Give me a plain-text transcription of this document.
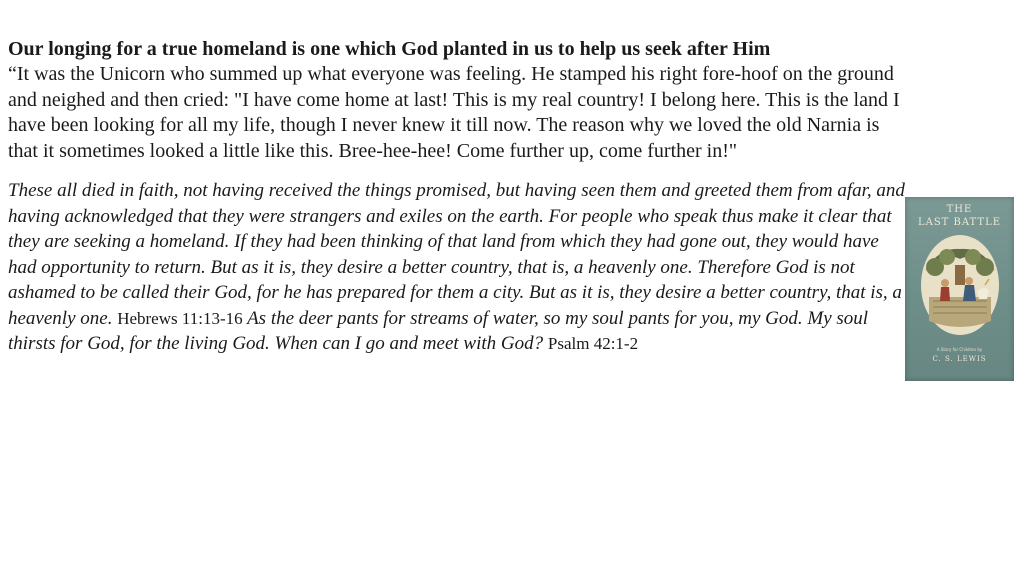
Our longing for a true homeland is one which God planted in us to help us seek after Him

“It was the Unicorn who summed up what everyone was feeling. He stamped his right fore-hoof on the ground and neighed and then cried: "I have come home at last! This is my real country! I belong here. This is the land I have been looking for all my life, though I never knew it till now. The reason why we loved the old Narnia is that it sometimes looked a little like this. Bree-hee-hee! Come further up, come further in!"

These all died in faith, not having received the things promised, but having seen them and greeted them from afar, and having acknowledged that they were strangers and exiles on the earth. For people who speak thus make it clear that they are seeking a homeland. If they had been thinking of that land from which they had gone out, they would have had opportunity to return. But as it is, they desire a better country, that is, a heavenly one. Therefore God is not ashamed to be called their God, for he has prepared for them a city. But as it is, they desire a better country, that is, a heavenly one. Hebrews 11:13-16 As the deer pants for streams of water, so my soul pants for you, my God. My soul thirsts for God, for the living God. When can I go and meet with God? Psalm 42:1-2

THE
LAST BATTLE
A Story for Children by
C. S. LEWIS
